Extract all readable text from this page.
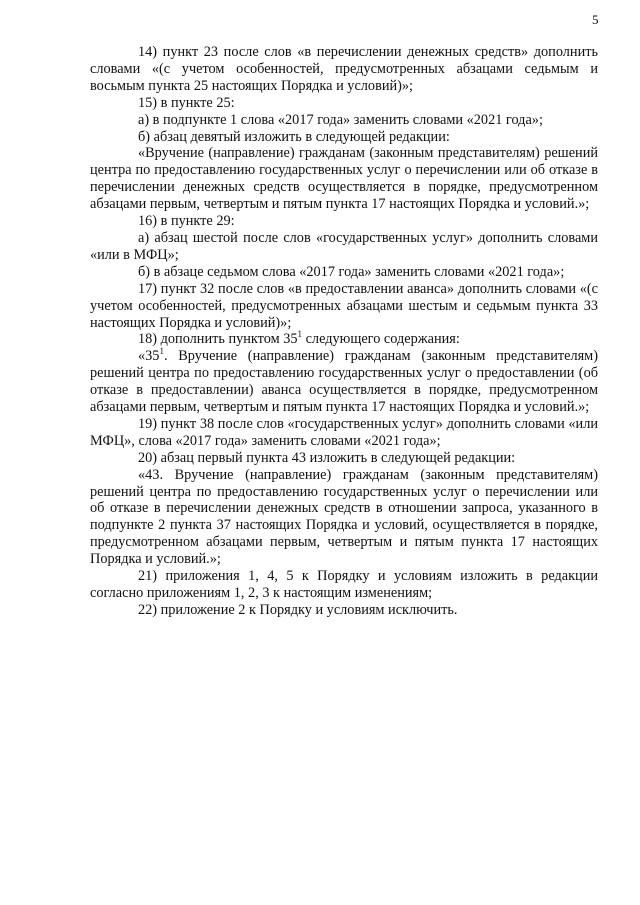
5

14) пункт 23 после слов «в перечислении денежных средств» дополнить словами «(с учетом особенностей, предусмотренных абзацами седьмым и восьмым пункта 25 настоящих Порядка и условий)»;

15) в пункте 25:

а) в подпункте 1 слова «2017 года» заменить словами «2021 года»;

б) абзац девятый изложить в следующей редакции:

«Вручение (направление) гражданам (законным представителям) решений центра по предоставлению государственных услуг о перечислении или об отказе в перечислении денежных средств осуществляется в порядке, предусмотренном абзацами первым, четвертым и пятым пункта 17 настоящих Порядка и условий.»;

16) в пункте 29:

а) абзац шестой после слов «государственных услуг» дополнить словами «или в МФЦ»;

б) в абзаце седьмом слова «2017 года» заменить словами «2021 года»;

17) пункт 32 после слов «в предоставлении аванса» дополнить словами «(с учетом особенностей, предусмотренных абзацами шестым и седьмым пункта 33 настоящих Порядка и условий)»;

18) дополнить пунктом $35^1$ следующего содержания:

«$35^1$. Вручение (направление) гражданам (законным представителям) решений центра по предоставлению государственных услуг о предоставлении (об отказе в предоставлении) аванса осуществляется в порядке, предусмотренном абзацами первым, четвертым и пятым пункта 17 настоящих Порядка и условий.»;

19) пункт 38 после слов «государственных услуг» дополнить словами «или МФЦ», слова «2017 года» заменить словами «2021 года»;

20) абзац первый пункта 43 изложить в следующей редакции:

«43. Вручение (направление) гражданам (законным представителям) решений центра по предоставлению государственных услуг о перечислении или об отказе в перечислении денежных средств в отношении запроса, указанного в подпункте 2 пункта 37 настоящих Порядка и условий, осуществляется в порядке, предусмотренном абзацами первым, четвертым и пятым пункта 17 настоящих Порядка и условий.»;

21) приложения 1, 4, 5 к Порядку и условиям изложить в редакции согласно приложениям 1, 2, 3 к настоящим изменениям;

22) приложение 2 к Порядку и условиям исключить.
